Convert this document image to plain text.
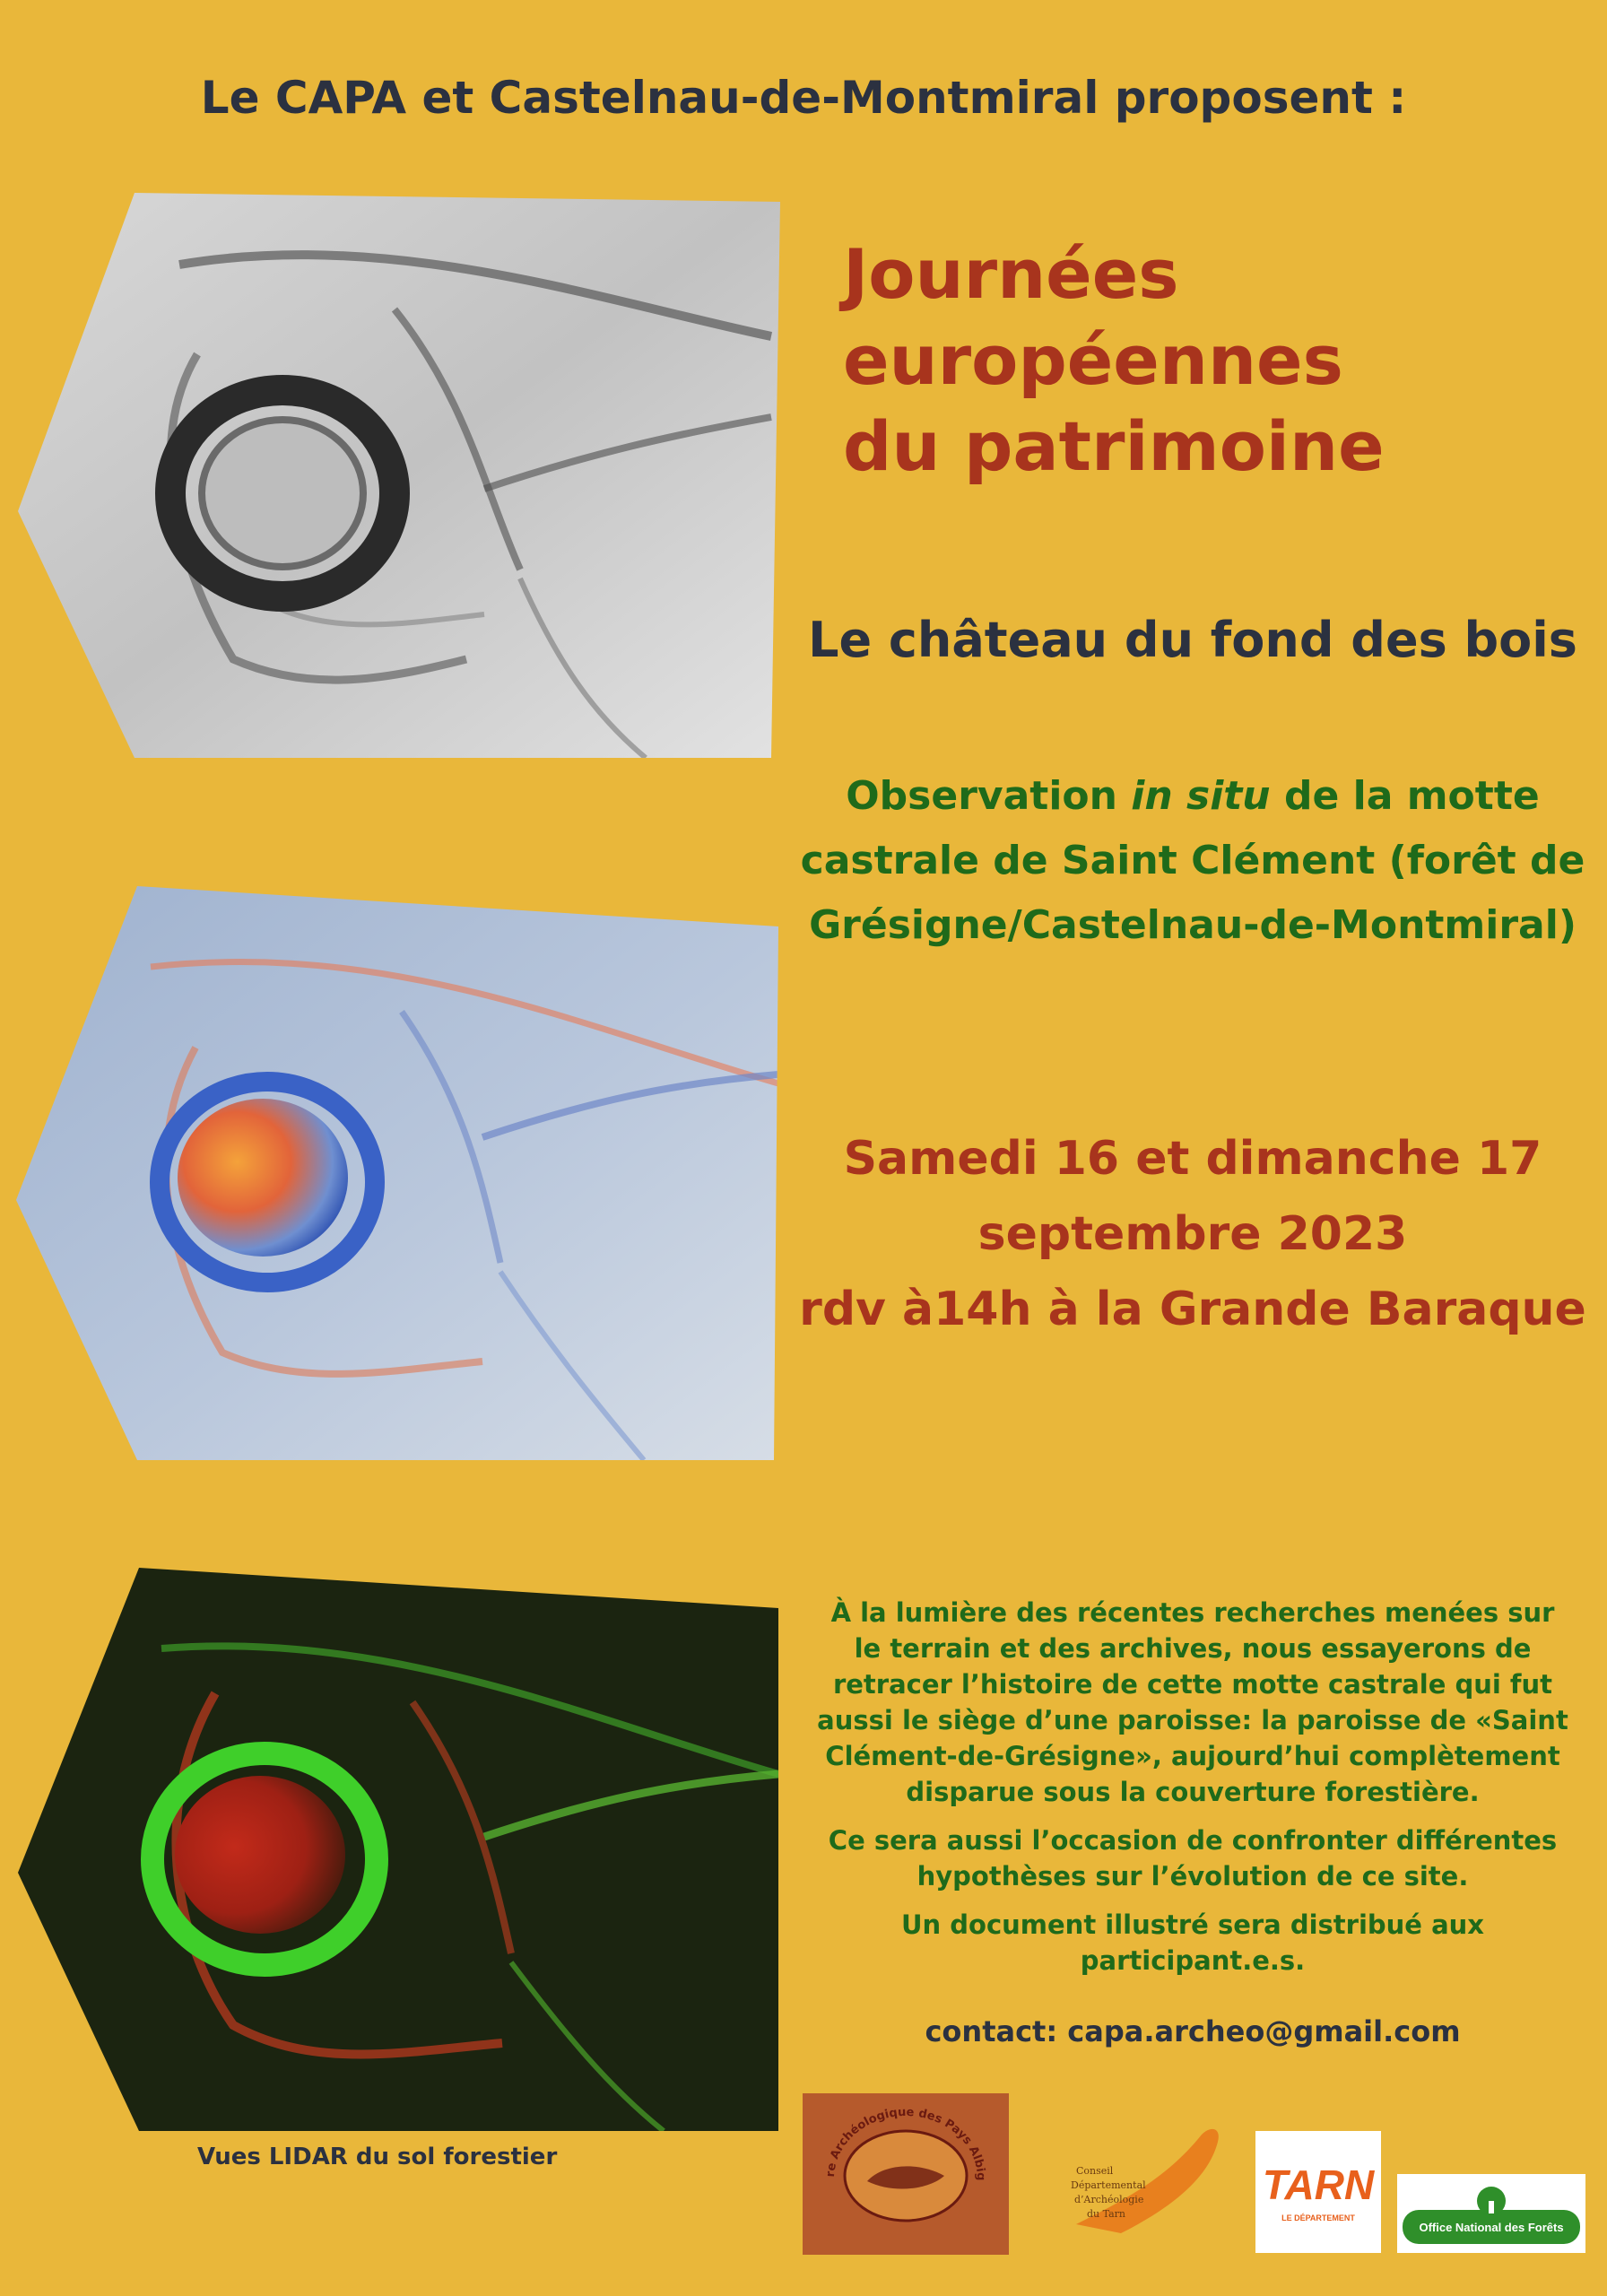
Le CAPA et Castelnau-de-Montmiral proposent :
Journées
européennes
du patrimoine
Le château du fond des bois
Observation in situ de la motte castrale de Saint Clément (forêt de Grésigne/Castelnau-de-Montmiral)
Samedi 16 et dimanche 17
septembre 2023
rdv à14h à la Grande Baraque

À la lumière des récentes recherches menées sur le terrain et des archives, nous essayerons de retracer l’histoire de cette motte castrale qui fut aussi le siège d’une paroisse: la paroisse de «Saint Clément-de-Grésigne», aujourd’hui complètement disparue sous la couverture forestière.

Ce sera aussi l’occasion de confronter différentes hypothèses sur l’évolution de ce site.

Un document illustré sera distribué aux participant.e.s.

contact: capa.archeo@gmail.com
Vues LIDAR du sol forestier
re Archéologique des Pays Albig	Conseil
Départemental
d’Archéologie
du Tarn
TARN
LE DÉPARTEMENT
Office National des Forêts
